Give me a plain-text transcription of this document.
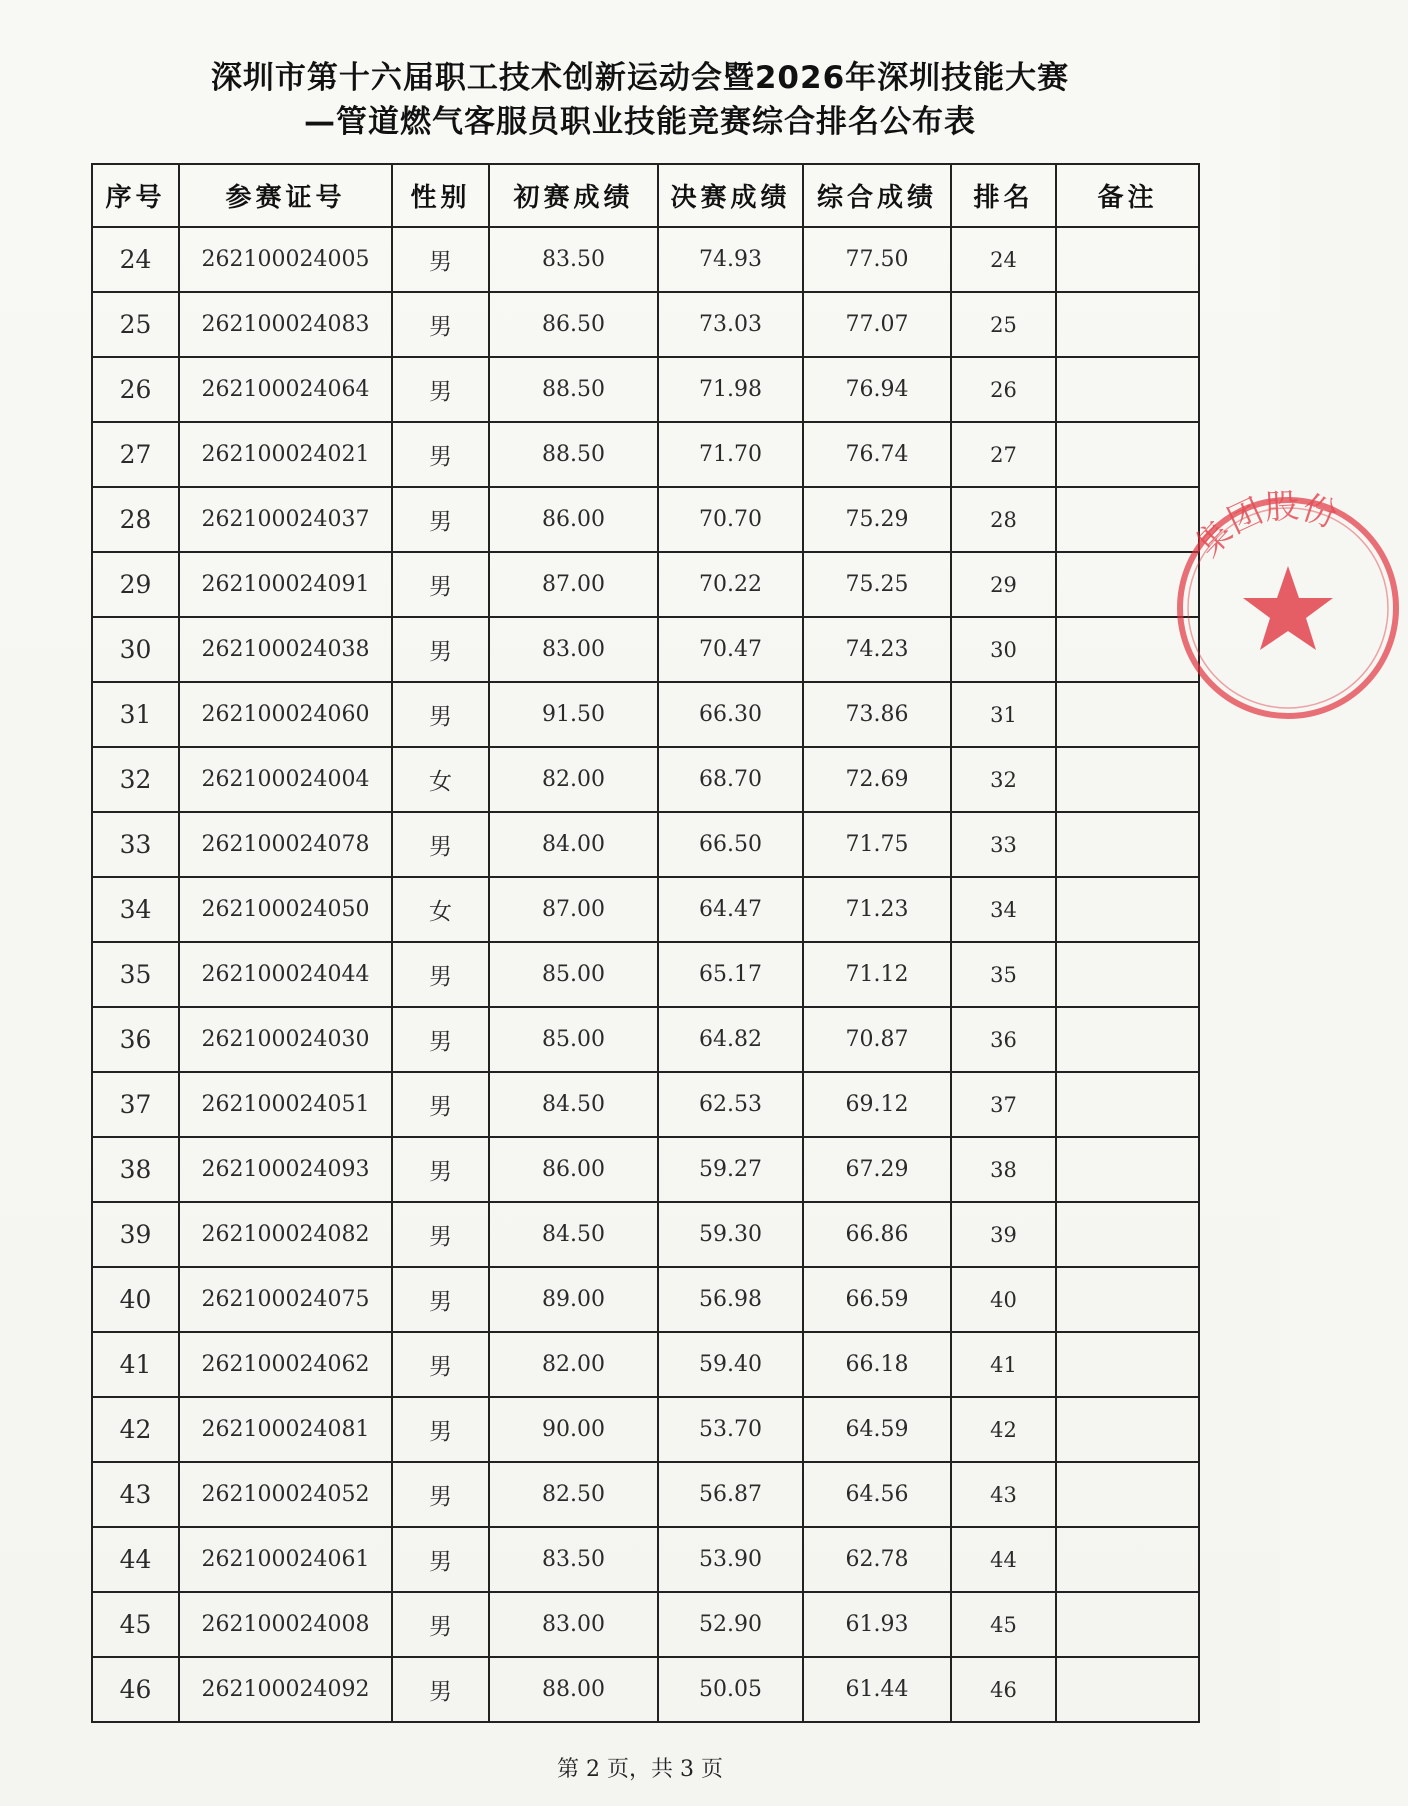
深圳市第十六届职工技术创新运动会暨2026年深圳技能大赛
—管道燃气客服员职业技能竞赛综合排名公布表
序号	参赛证号	性别	初赛成绩	决赛成绩	综合成绩	排名	备注
24	262100024005	男	83.50	74.93	77.50	24	
25	262100024083	男	86.50	73.03	77.07	25	
26	262100024064	男	88.50	71.98	76.94	26	
27	262100024021	男	88.50	71.70	76.74	27	
28	262100024037	男	86.00	70.70	75.29	28	
29	262100024091	男	87.00	70.22	75.25	29	
30	262100024038	男	83.00	70.47	74.23	30	
31	262100024060	男	91.50	66.30	73.86	31	
32	262100024004	女	82.00	68.70	72.69	32	
33	262100024078	男	84.00	66.50	71.75	33	
34	262100024050	女	87.00	64.47	71.23	34	
35	262100024044	男	85.00	65.17	71.12	35	
36	262100024030	男	85.00	64.82	70.87	36	
37	262100024051	男	84.50	62.53	69.12	37	
38	262100024093	男	86.00	59.27	67.29	38	
39	262100024082	男	84.50	59.30	66.86	39	
40	262100024075	男	89.00	56.98	66.59	40	
41	262100024062	男	82.00	59.40	66.18	41	
42	262100024081	男	90.00	53.70	64.59	42	
43	262100024052	男	82.50	56.87	64.56	43	
44	262100024061	男	83.50	53.90	62.78	44	
45	262100024008	男	83.00	52.90	61.93	45	
46	262100024092	男	88.00	50.05	61.44	46	
第 2 页，共 3 页
集团股份
